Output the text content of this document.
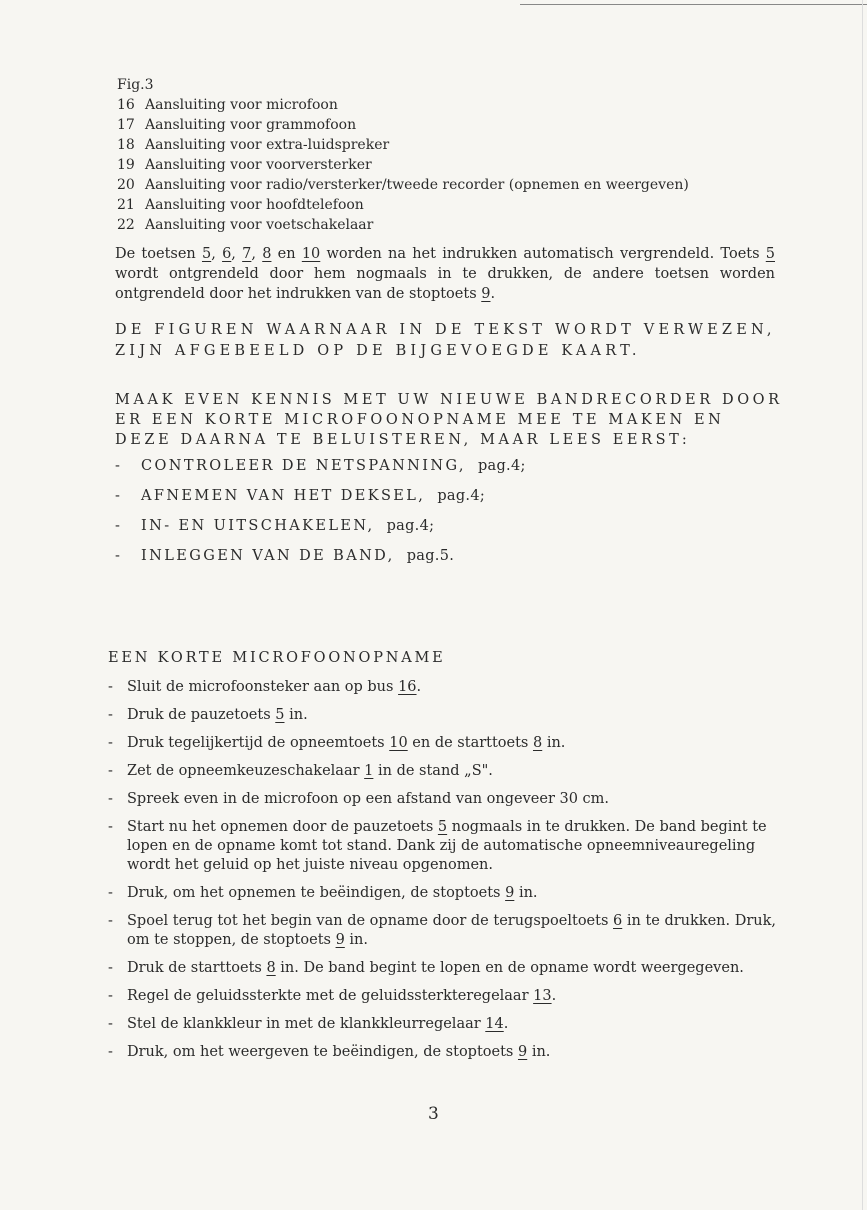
Fig.3
16 Aansluiting voor microfoon
17 Aansluiting voor grammofoon
18 Aansluiting voor extra-luidspreker
19 Aansluiting voor voorversterker
20 Aansluiting voor radio/versterker/tweede recorder (opnemen en weergeven)
21 Aansluiting voor hoofdtelefoon
22 Aansluiting voor voetschakelaar
De toetsen 5, 6, 7, 8 en 10 worden na het indrukken automatisch vergrendeld. Toets 5 wordt ontgrendeld door hem nogmaals in te drukken, de andere toetsen worden ontgrendeld door het indrukken van de stoptoets 9.
DE FIGUREN WAARNAAR IN DE TEKST WORDT VERWEZEN, ZIJN AFGEBEELD OP DE BIJGEVOEGDE KAART.
MAAK EVEN KENNIS MET UW NIEUWE BANDRECORDER DOOR ER EEN KORTE MICROFOONOPNAME MEE TE MAKEN EN DEZE DAARNA TE BELUISTEREN, MAAR LEES EERST:
- CONTROLEER DE NETSPANNING, pag.4;
- AFNEMEN VAN HET DEKSEL, pag.4;
- IN- EN UITSCHAKELEN, pag.4;
- INLEGGEN VAN DE BAND, pag.5.
EEN KORTE MICROFOONOPNAME
- Sluit de microfoonsteker aan op bus 16.
- Druk de pauzetoets 5 in.
- Druk tegelijkertijd de opneemtoets 10 en de starttoets 8 in.
- Zet de opneemkeuzeschakelaar 1 in de stand „S".
- Spreek even in de microfoon op een afstand van ongeveer 30 cm.
- Start nu het opnemen door de pauzetoets 5 nogmaals in te drukken. De band begint te lopen en de opname komt tot stand. Dank zij de automatische opneemniveauregeling wordt het geluid op het juiste niveau opgenomen.
- Druk, om het opnemen te beëindigen, de stoptoets 9 in.
- Spoel terug tot het begin van de opname door de terugspoeltoets 6 in te drukken. Druk, om te stoppen, de stoptoets 9 in.
- Druk de starttoets 8 in. De band begint te lopen en de opname wordt weergegeven.
- Regel de geluidssterkte met de geluidssterkteregelaar 13.
- Stel de klankkleur in met de klankkleurregelaar 14.
- Druk, om het weergeven te beëindigen, de stoptoets 9 in.
3
